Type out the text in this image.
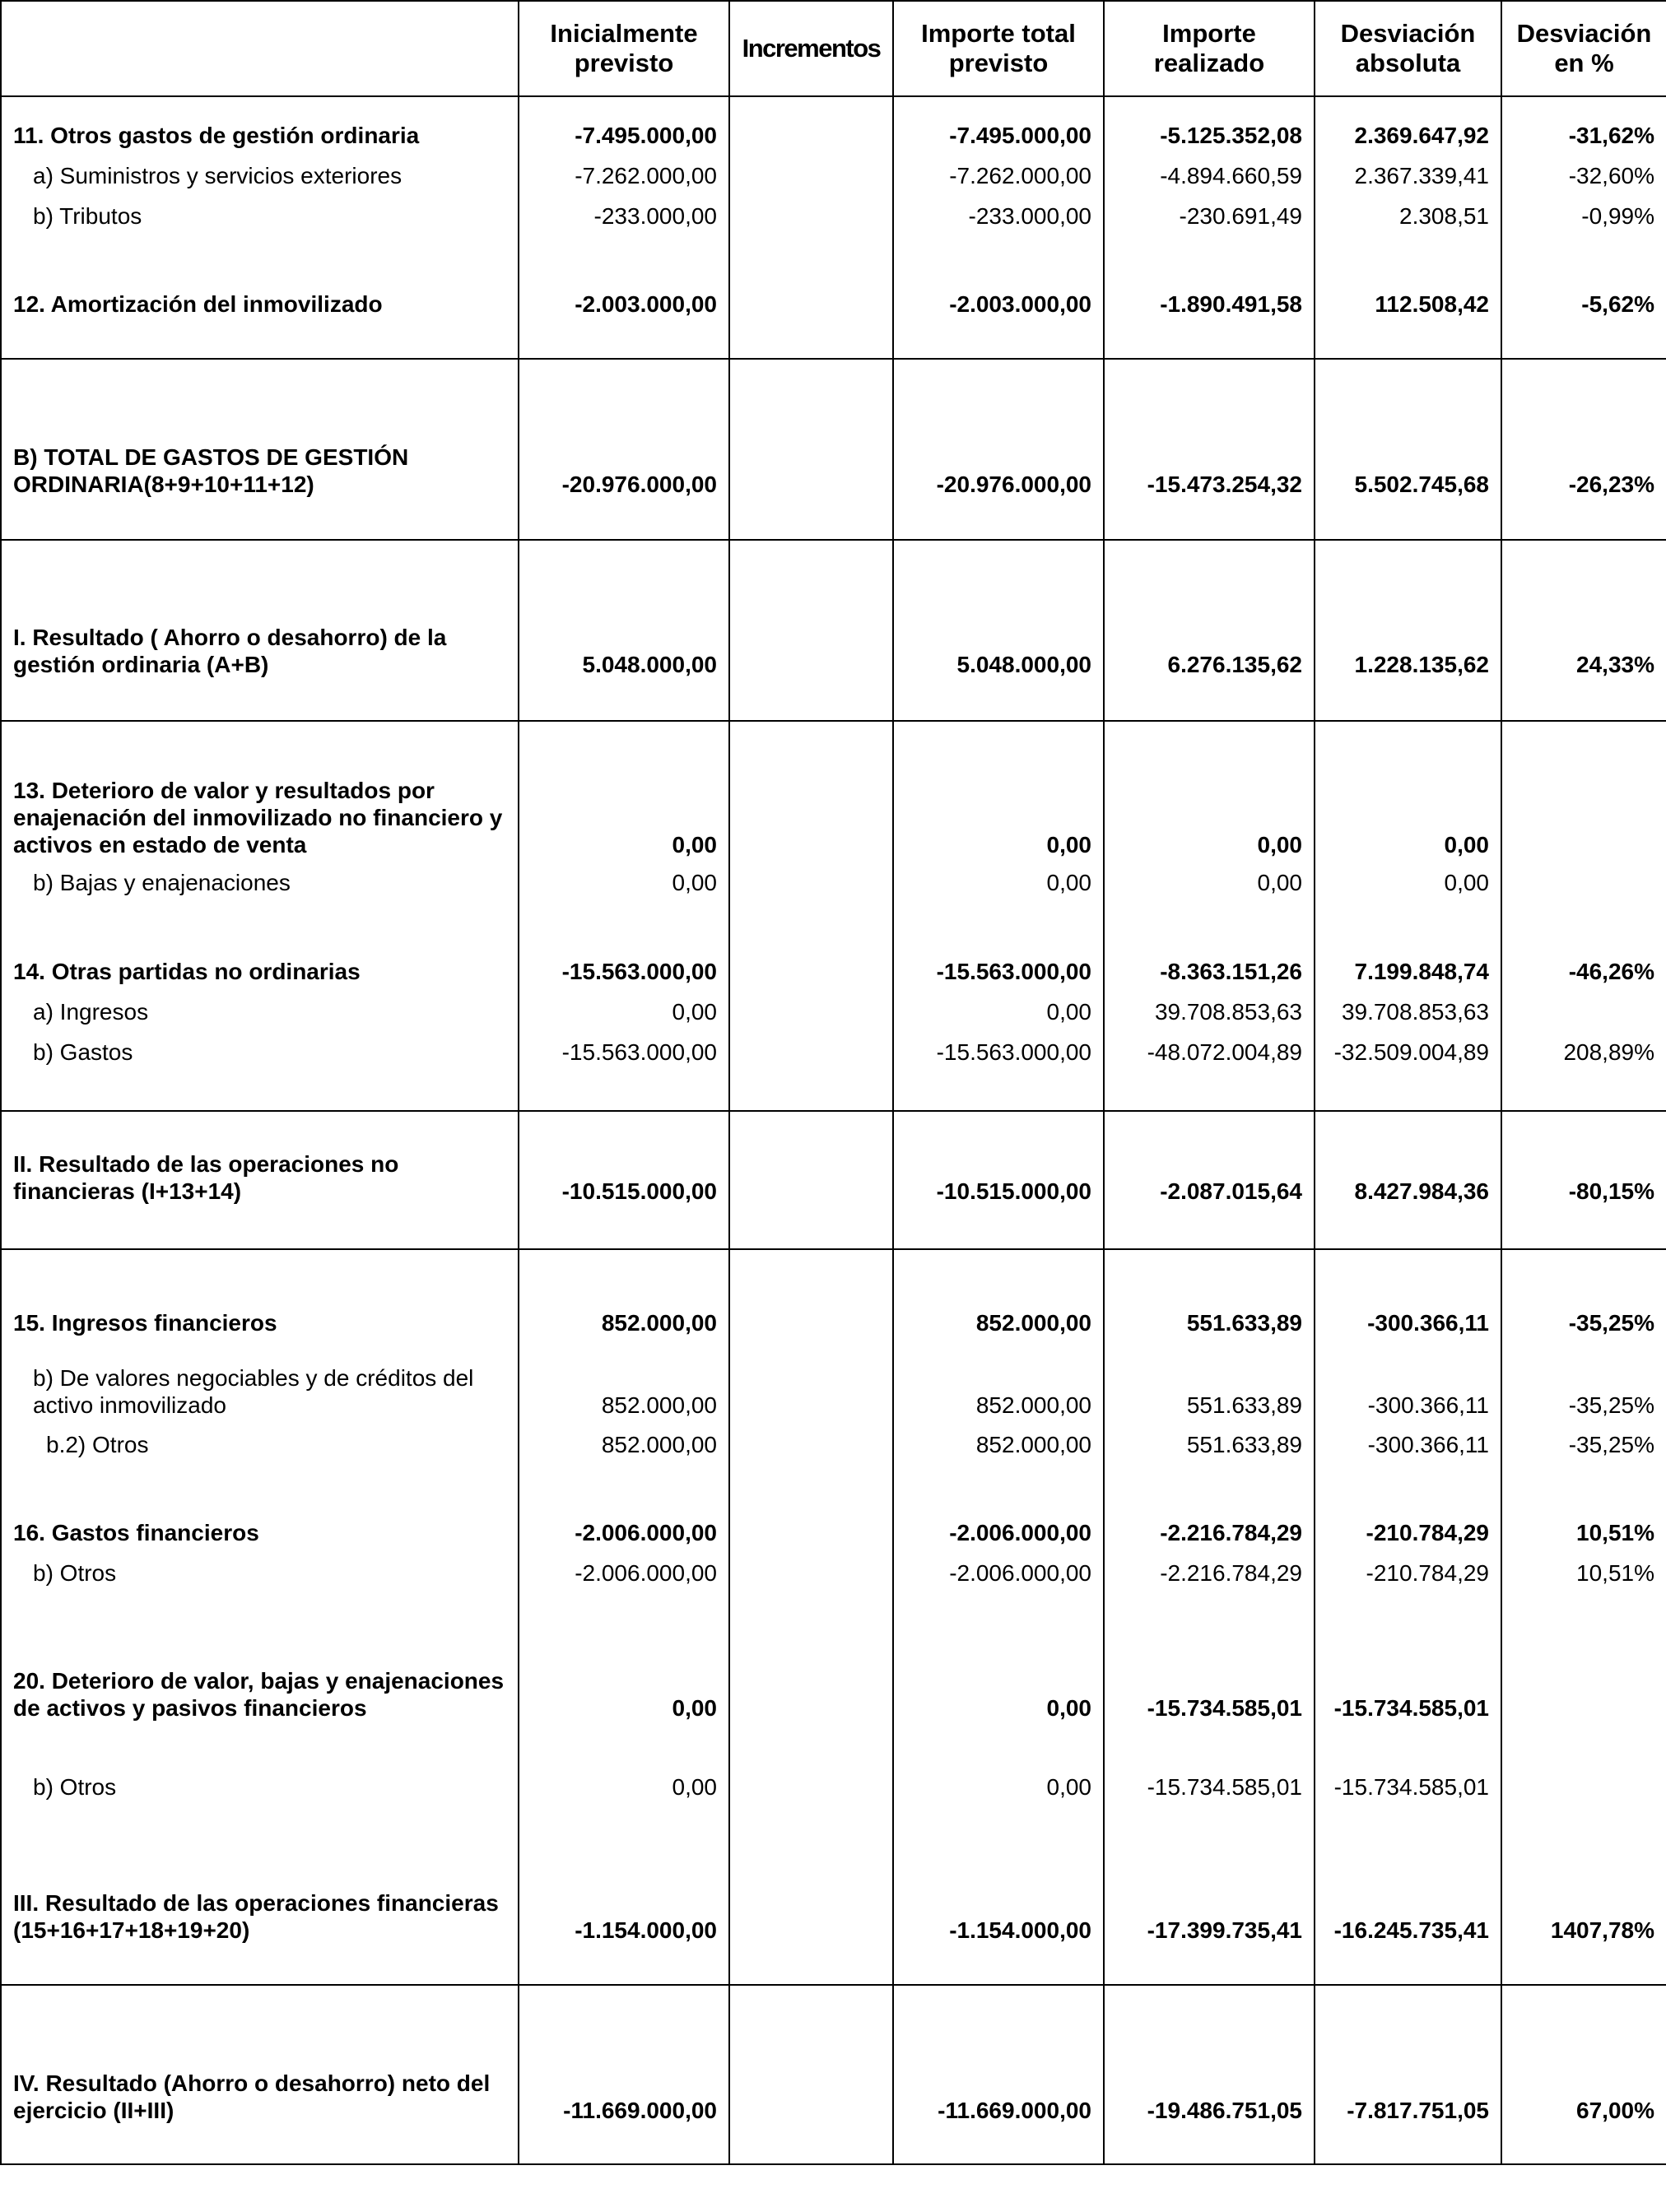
	Inicialmente previsto	Incrementos	Importe total previsto	Importe realizado	Desviación absoluta	Desviación en %

11. Otros gastos de gestión ordinaria	-7.495.000,00		-7.495.000,00	-5.125.352,08	2.369.647,92	-31,62%

a) Suministros y servicios exteriores	-7.262.000,00		-7.262.000,00	-4.894.660,59	2.367.339,41	-32,60%

b) Tributos	-233.000,00		-233.000,00	-230.691,49	2.308,51	-0,99%

12. Amortización del inmovilizado	-2.003.000,00		-2.003.000,00	-1.890.491,58	112.508,42	-5,62%

B) TOTAL DE GASTOS DE GESTIÓN ORDINARIA(8+9+10+11+12)	-20.976.000,00		-20.976.000,00	-15.473.254,32	5.502.745,68	-26,23%

I. Resultado ( Ahorro o desahorro) de la gestión ordinaria (A+B)	5.048.000,00		5.048.000,00	6.276.135,62	1.228.135,62	24,33%

13. Deterioro de valor y resultados por enajenación del inmovilizado no financiero y activos en estado de venta	0,00		0,00	0,00	0,00	

b) Bajas y enajenaciones	0,00		0,00	0,00	0,00	

14. Otras partidas no ordinarias	-15.563.000,00		-15.563.000,00	-8.363.151,26	7.199.848,74	-46,26%

a) Ingresos	0,00		0,00	39.708.853,63	39.708.853,63	

b) Gastos	-15.563.000,00		-15.563.000,00	-48.072.004,89	-32.509.004,89	208,89%

II. Resultado de las operaciones no financieras (I+13+14)	-10.515.000,00		-10.515.000,00	-2.087.015,64	8.427.984,36	-80,15%

15. Ingresos financieros	852.000,00		852.000,00	551.633,89	-300.366,11	-35,25%

b) De valores negociables y de créditos del activo inmovilizado	852.000,00		852.000,00	551.633,89	-300.366,11	-35,25%

b.2) Otros	852.000,00		852.000,00	551.633,89	-300.366,11	-35,25%

16. Gastos financieros	-2.006.000,00		-2.006.000,00	-2.216.784,29	-210.784,29	10,51%

b) Otros	-2.006.000,00		-2.006.000,00	-2.216.784,29	-210.784,29	10,51%

20. Deterioro de valor, bajas y enajenaciones de activos y pasivos financieros	0,00		0,00	-15.734.585,01	-15.734.585,01	

b) Otros	0,00		0,00	-15.734.585,01	-15.734.585,01	

III. Resultado de las operaciones financieras (15+16+17+18+19+20)	-1.154.000,00		-1.154.000,00	-17.399.735,41	-16.245.735,41	1407,78%

IV. Resultado (Ahorro o desahorro) neto del ejercicio (II+III)	-11.669.000,00		-11.669.000,00	-19.486.751,05	-7.817.751,05	67,00%
